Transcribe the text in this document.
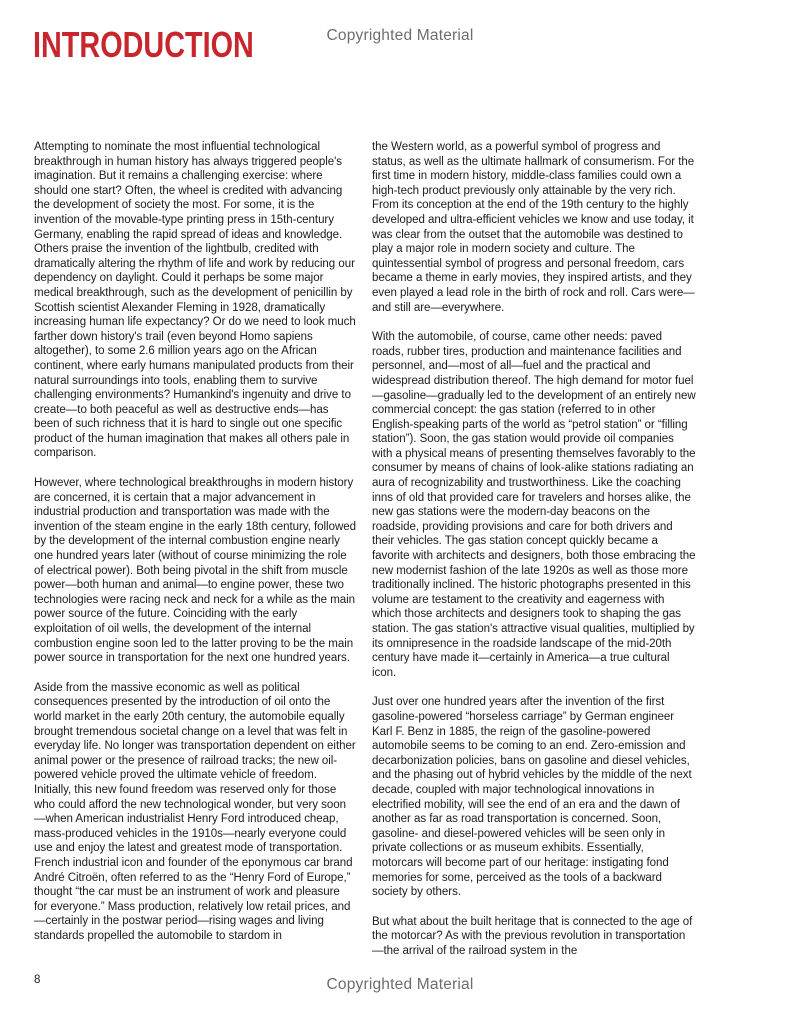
INTRODUCTION	Copyrighted Material

Attempting to nominate the most influential technological breakthrough in human history has always triggered people's imagination. But it remains a challenging exercise: where should one start? Often, the wheel is credited with advancing the development of society the most. For some, it is the invention of the movable-type printing press in 15th-century Germany, enabling the rapid spread of ideas and knowledge. Others praise the invention of the lightbulb, credited with dramatically altering the rhythm of life and work by reducing our dependency on daylight. Could it perhaps be some major medical breakthrough, such as the development of penicillin by Scottish scientist Alexander Fleming in 1928, dramatically increasing human life expectancy? Or do we need to look much farther down history's trail (even beyond Homo sapiens altogether), to some 2.6 million years ago on the African continent, where early humans manipulated products from their natural surroundings into tools, enabling them to survive challenging environments? Humankind's ingenuity and drive to create—to both peaceful as well as destructive ends—has been of such richness that it is hard to single out one specific product of the human imagination that makes all others pale in comparison.

However, where technological breakthroughs in modern history are concerned, it is certain that a major advancement in industrial production and transportation was made with the invention of the steam engine in the early 18th century, followed by the development of the internal combustion engine nearly one hundred years later (without of course minimizing the role of electrical power). Both being pivotal in the shift from muscle power—both human and animal—to engine power, these two technologies were racing neck and neck for a while as the main power source of the future. Coinciding with the early exploitation of oil wells, the development of the internal combustion engine soon led to the latter proving to be the main power source in transportation for the next one hundred years.

Aside from the massive economic as well as political consequences presented by the introduction of oil onto the world market in the early 20th century, the automobile equally brought tremendous societal change on a level that was felt in everyday life. No longer was transportation dependent on either animal power or the presence of railroad tracks; the new oil-powered vehicle proved the ultimate vehicle of freedom. Initially, this new found freedom was reserved only for those who could afford the new technological wonder, but very soon—when American industrialist Henry Ford introduced cheap, mass-produced vehicles in the 1910s—nearly everyone could use and enjoy the latest and greatest mode of transportation. French industrial icon and founder of the eponymous car brand André Citroën, often referred to as the “Henry Ford of Europe,” thought “the car must be an instrument of work and pleasure for everyone.” Mass production, relatively low retail prices, and—certainly in the postwar period—rising wages and living standards propelled the automobile to stardom in

the Western world, as a powerful symbol of progress and status, as well as the ultimate hallmark of consumerism. For the first time in modern history, middle-class families could own a high-tech product previously only attainable by the very rich. From its conception at the end of the 19th century to the highly developed and ultra-efficient vehicles we know and use today, it was clear from the outset that the automobile was destined to play a major role in modern society and culture. The quintessential symbol of progress and personal freedom, cars became a theme in early movies, they inspired artists, and they even played a lead role in the birth of rock and roll. Cars were—and still are—everywhere.

With the automobile, of course, came other needs: paved roads, rubber tires, production and maintenance facilities and personnel, and—most of all—fuel and the practical and widespread distribution thereof. The high demand for motor fuel—gasoline—gradually led to the development of an entirely new commercial concept: the gas station (referred to in other English-speaking parts of the world as “petrol station” or “filling station”). Soon, the gas station would provide oil companies with a physical means of presenting themselves favorably to the consumer by means of chains of look-alike stations radiating an aura of recognizability and trustworthiness. Like the coaching inns of old that provided care for travelers and horses alike, the new gas stations were the modern-day beacons on the roadside, providing provisions and care for both drivers and their vehicles. The gas station concept quickly became a favorite with architects and designers, both those embracing the new modernist fashion of the late 1920s as well as those more traditionally inclined. The historic photographs presented in this volume are testament to the creativity and eagerness with which those architects and designers took to shaping the gas station. The gas station's attractive visual qualities, multiplied by its omnipresence in the roadside landscape of the mid-20th century have made it—certainly in America—a true cultural icon.

Just over one hundred years after the invention of the first gasoline-powered “horseless carriage” by German engineer Karl F. Benz in 1885, the reign of the gasoline-powered automobile seems to be coming to an end. Zero-emission and decarbonization policies, bans on gasoline and diesel vehicles, and the phasing out of hybrid vehicles by the middle of the next decade, coupled with major technological innovations in electrified mobility, will see the end of an era and the dawn of another as far as road transportation is concerned. Soon, gasoline- and diesel-powered vehicles will be seen only in private collections or as museum exhibits. Essentially, motorcars will become part of our heritage: instigating fond memories for some, perceived as the tools of a backward society by others.

But what about the built heritage that is connected to the age of the motorcar? As with the previous revolution in transportation—the arrival of the railroad system in the

8	Copyrighted Material
